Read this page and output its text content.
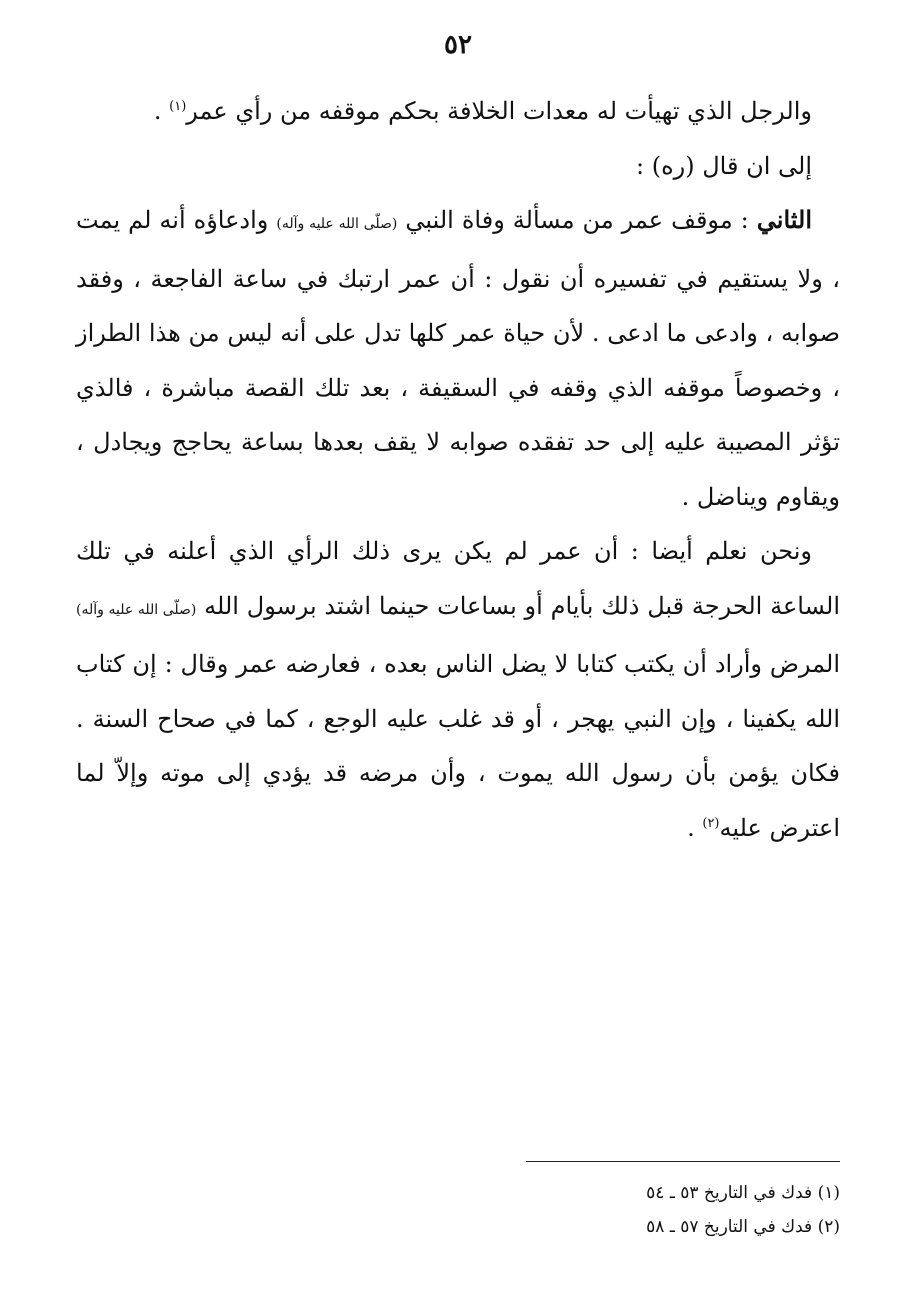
٥٢

والرجل الذي تهيأت له معدات الخلافة بحكم موقفه من رأي عمر$^{(١)}$ .

إلى ان قال (ره) :

الثاني : موقف عمر من مسألة وفاة النبي (صلّى الله عليه وآله) وادعاؤه أنه لم يمت ، ولا يستقيم في تفسيره أن نقول : أن عمر ارتبك في ساعة الفاجعة ، وفقد صوابه ، وادعى ما ادعى . لأن حياة عمر كلها تدل على أنه ليس من هذا الطراز ، وخصوصاً موقفه الذي وقفه في السقيفة ، بعد تلك القصة مباشرة ، فالذي تؤثر المصيبة عليه إلى حد تفقده صوابه لا يقف بعدها بساعة يحاجج ويجادل ، ويقاوم ويناضل .

ونحن نعلم أيضا : أن عمر لم يكن يرى ذلك الرأي الذي أعلنه في تلك الساعة الحرجة قبل ذلك بأيام أو بساعات حينما اشتد برسول الله (صلّى الله عليه وآله) المرض وأراد أن يكتب كتابا لا يضل الناس بعده ، فعارضه عمر وقال : إن كتاب الله يكفينا ، وإن النبي يهجر ، أو قد غلب عليه الوجع ، كما في صحاح السنة . فكان يؤمن بأن رسول الله يموت ، وأن مرضه قد يؤدي إلى موته وإلاّ لما اعترض عليه$^{(٢)}$ .

(١) فدك في التاريخ ٥٣ ـ ٥٤

(٢) فدك في التاريخ ٥٧ ـ ٥٨
